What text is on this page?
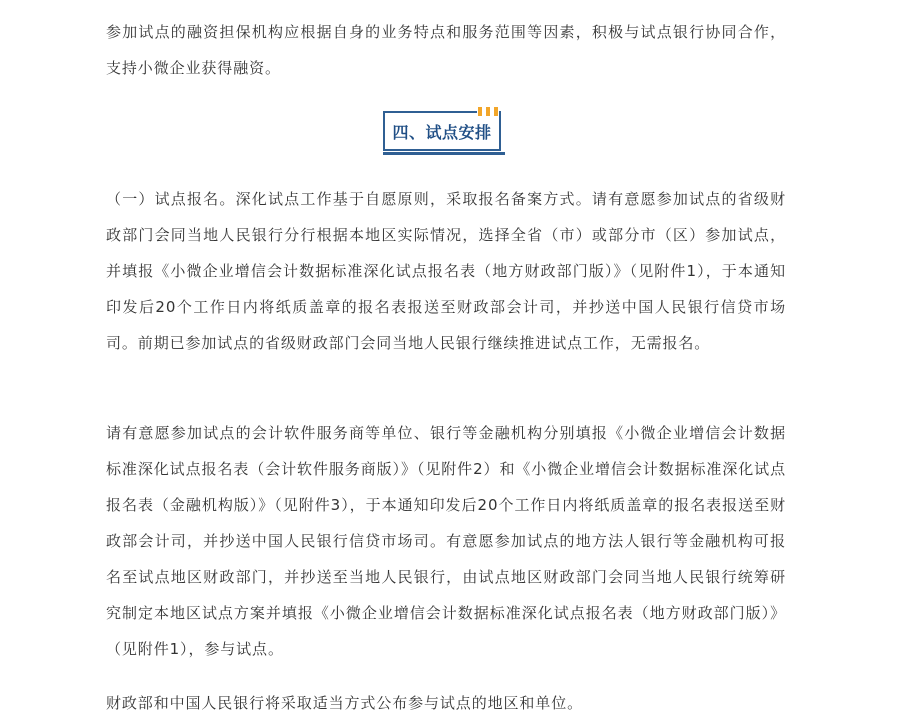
参加试点的融资担保机构应根据自身的业务特点和服务范围等因素，积极与试点银行协同合作，支持小微企业获得融资。

四、试点安排

（一）试点报名。深化试点工作基于自愿原则，采取报名备案方式。请有意愿参加试点的省级财政部门会同当地人民银行分行根据本地区实际情况，选择全省（市）或部分市（区）参加试点，并填报《小微企业增信会计数据标准深化试点报名表（地方财政部门版）》（见附件1），于本通知印发后20个工作日内将纸质盖章的报名表报送至财政部会计司，并抄送中国人民银行信贷市场司。前期已参加试点的省级财政部门会同当地人民银行继续推进试点工作，无需报名。

请有意愿参加试点的会计软件服务商等单位、银行等金融机构分别填报《小微企业增信会计数据标准深化试点报名表（会计软件服务商版）》（见附件2）和《小微企业增信会计数据标准深化试点报名表（金融机构版）》（见附件3），于本通知印发后20个工作日内将纸质盖章的报名表报送至财政部会计司，并抄送中国人民银行信贷市场司。有意愿参加试点的地方法人银行等金融机构可报名至试点地区财政部门，并抄送至当地人民银行，由试点地区财政部门会同当地人民银行统筹研究制定本地区试点方案并填报《小微企业增信会计数据标准深化试点报名表（地方财政部门版）》（见附件1），参与试点。

财政部和中国人民银行将采取适当方式公布参与试点的地区和单位。
